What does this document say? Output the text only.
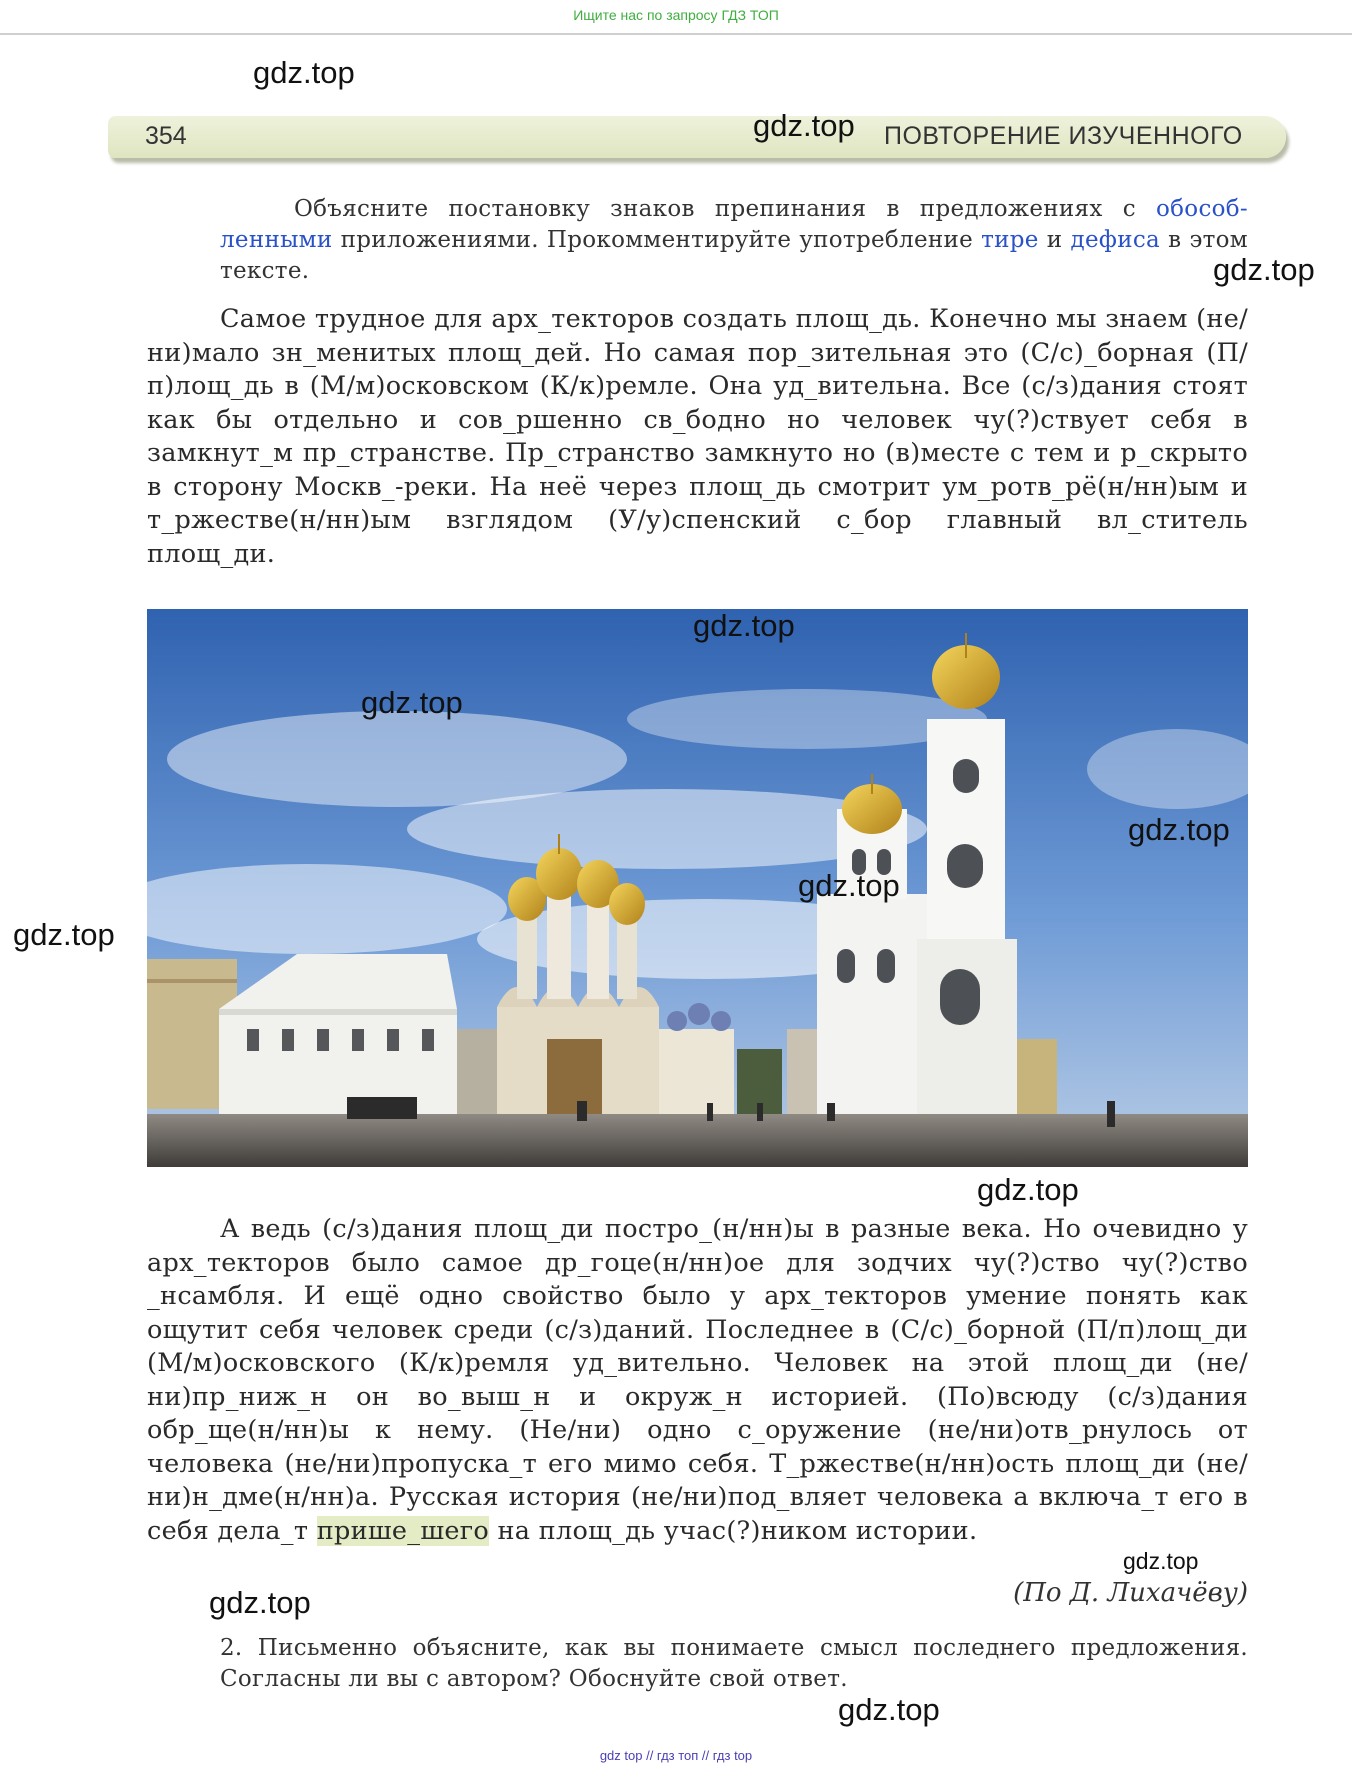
Ищите нас по запросу ГДЗ ТОП
354	ПОВТОРЕНИЕ ИЗУЧЕННОГО
Объясните постановку знаков препинания в предложениях с обособ-ленными приложениями. Прокомментируйте употребление тире и дефиса в этом тексте.
Самое трудное для арх_текторов создать площ_дь. Конечно мы знаем (не/ни)мало зн_менитых площ_дей. Но самая пор_зительная это (С/с)_борная (П/п)лощ_дь в (М/м)осковском (К/к)ремле. Она уд_вительна. Все (с/з)дания стоят как бы отдельно и сов_ршенно св_бодно но человек чу(?)ствует себя в замкнут_м пр_странстве. Пр_странство замкнуто но (в)месте с тем и р_скрыто в сторону Москв_-реки. На неё через площ_дь смотрит ум_ротв_рё(н/нн)ым и т_ржестве(н/нн)ым взглядом (У/у)спенский с_бор главный вл_ститель площ_ди.
А ведь (с/з)дания площ_ди постро_(н/нн)ы в разные века. Но очевидно у арх_текторов было самое др_гоце(н/нн)ое для зодчих чу(?)ство чу(?)ство _нсамбля. И ещё одно свойство было у арх_текторов умение понять как ощутит себя человек среди (с/з)даний. Последнее в (С/с)_борной (П/п)лощ_ди (М/м)осковского (К/к)ремля уд_вительно. Человек на этой площ_ди (не/ни)пр_ниж_н он во_выш_н и окруж_н историей. (По)всюду (с/з)дания обр_ще(н/нн)ы к нему. (Не/ни) одно с_оружение (не/ни)отв_рнулось от человека (не/ни)пропуска_т его мимо себя. Т_ржестве(н/нн)ость площ_ди (не/ни)н_дме(н/нн)а. Русская история (не/ни)под_вляет человека а включа_т его в себя дела_т прише_шего на площ_дь учас(?)ником истории.
(По Д. Лихачёву)
2. Письменно объясните, как вы понимаете смысл последнего предложения. Согласны ли вы с автором? Обоснуйте свой ответ.
gdz top // гдз топ // гдз top
gdz.top
gdz.top
gdz.top
gdz.top
gdz.top
gdz.top
gdz.top
gdz.top
gdz.top
gdz.top
gdz.top
gdz.top
